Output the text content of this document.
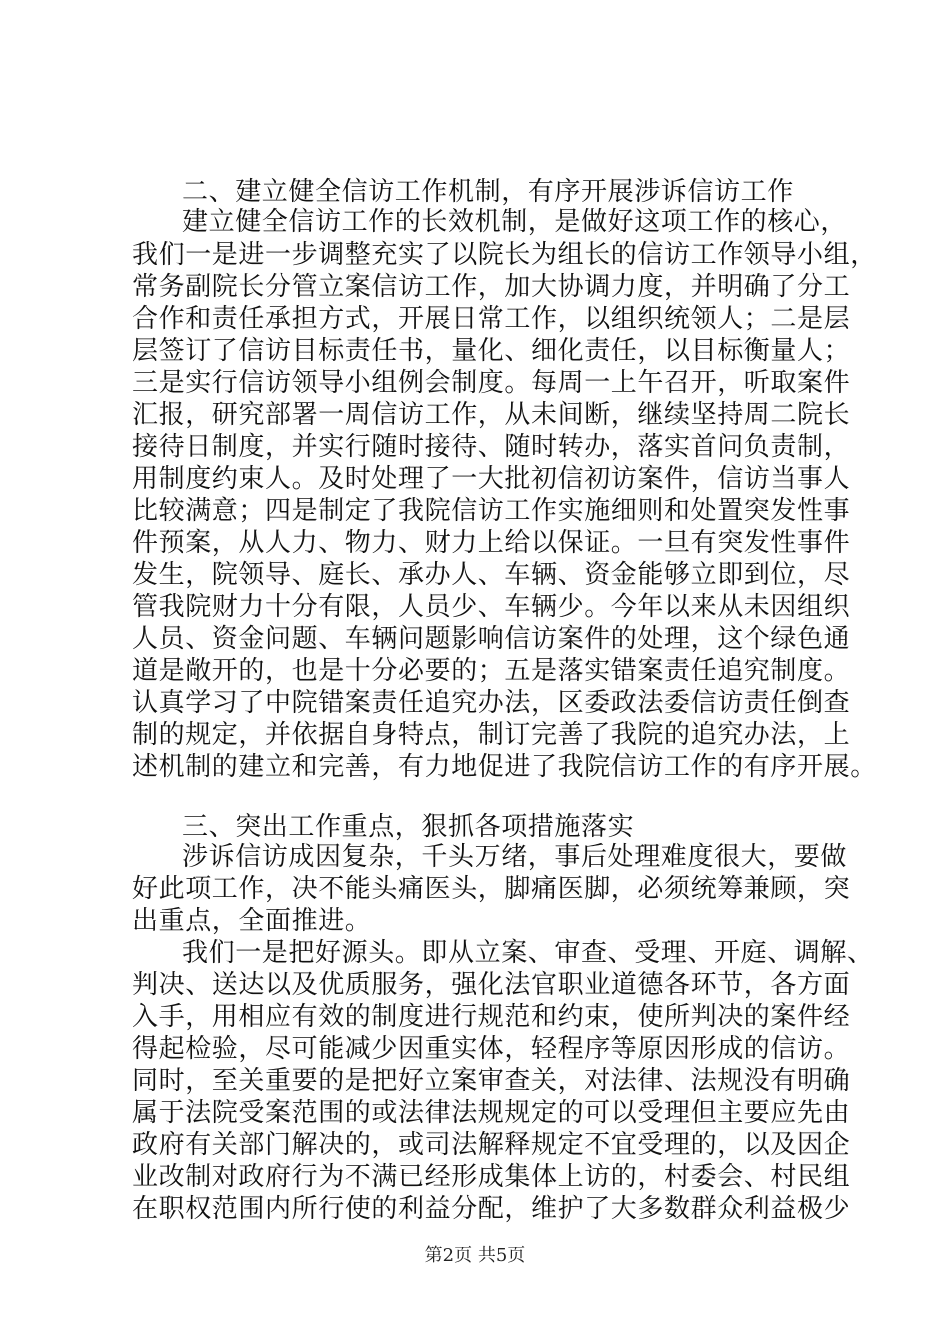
二、建立健全信访工作机制，有序开展涉诉信访工作
建立健全信访工作的长效机制，是做好这项工作的核心，
我们一是进一步调整充实了以院长为组长的信访工作领导小组，
常务副院长分管立案信访工作，加大协调力度，并明确了分工
合作和责任承担方式，开展日常工作，以组织统领人；二是层
层签订了信访目标责任书，量化、细化责任，以目标衡量人；
三是实行信访领导小组例会制度。每周一上午召开，听取案件
汇报，研究部署一周信访工作，从未间断，继续坚持周二院长
接待日制度，并实行随时接待、随时转办，落实首问负责制，
用制度约束人。及时处理了一大批初信初访案件，信访当事人
比较满意；四是制定了我院信访工作实施细则和处置突发性事
件预案，从人力、物力、财力上给以保证。一旦有突发性事件
发生，院领导、庭长、承办人、车辆、资金能够立即到位，尽
管我院财力十分有限，人员少、车辆少。今年以来从未因组织
人员、资金问题、车辆问题影响信访案件的处理，这个绿色通
道是敞开的，也是十分必要的；五是落实错案责任追究制度。
认真学习了中院错案责任追究办法，区委政法委信访责任倒查
制的规定，并依据自身特点，制订完善了我院的追究办法，上
述机制的建立和完善，有力地促进了我院信访工作的有序开展。
三、突出工作重点，狠抓各项措施落实
涉诉信访成因复杂，千头万绪，事后处理难度很大，要做
好此项工作，决不能头痛医头，脚痛医脚，必须统筹兼顾，突
出重点，全面推进。
我们一是把好源头。即从立案、审查、受理、开庭、调解、
判决、送达以及优质服务，强化法官职业道德各环节，各方面
入手，用相应有效的制度进行规范和约束，使所判决的案件经
得起检验，尽可能减少因重实体，轻程序等原因形成的信访。
同时，至关重要的是把好立案审查关，对法律、法规没有明确
属于法院受案范围的或法律法规规定的可以受理但主要应先由
政府有关部门解决的，或司法解释规定不宜受理的，以及因企
业改制对政府行为不满已经形成集体上访的，村委会、村民组
在职权范围内所行使的利益分配，维护了大多数群众利益极少
第2页 共5页
